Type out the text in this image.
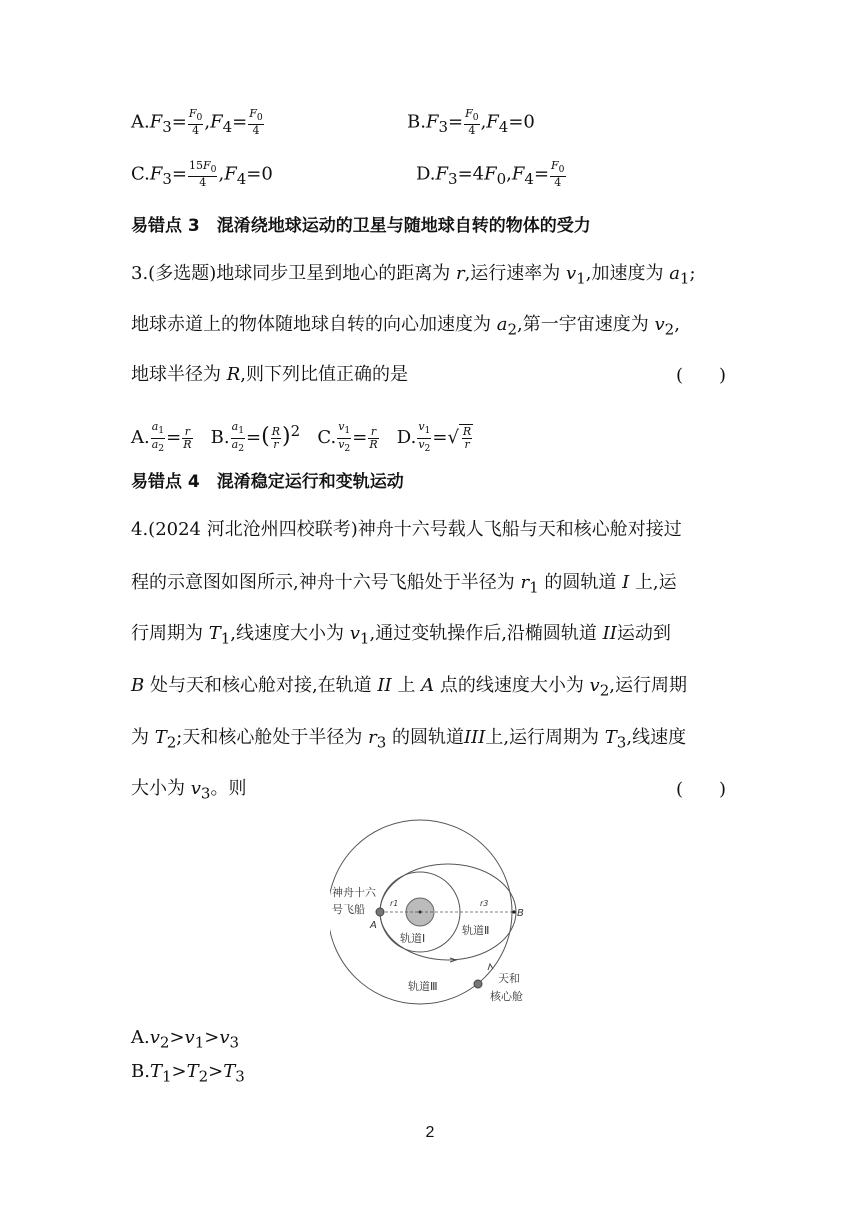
$A.F_3= \frac{F_0}{4} ,F_4= \frac{F_0}{4}$	$B.F_3= \frac{F_0}{4} ,F_4=0$
$C.F_3= \frac{15F_0}{4} ,F_4=0$	$D.F_3=4F_0,F_4= \frac{F_0}{4}$
易错点 3　混淆绕地球运动的卫星与随地球自转的物体的受力
3.(多选题)地球同步卫星到地心的距离为 r,运行速率为 $v_1$,加速度为 $a_1$;
地球赤道上的物体随地球自转的向心加速度为 $a_2$,第一宇宙速度为 $v_2$,
地球半径为 R,则下列比值正确的是	(　　)
A. $\frac{a_1}{a_2} = \frac{r}{R} B$. $\frac{a_1}{a_2}$ =( $\frac{R}{r} )^2$   C. $\frac{v_1}{v_2} = \frac{r}{R} D$. $\frac{v_1}{v_2}$ =√ $\frac{R}{r}$
易错点 4　混淆稳定运行和变轨运动
4.(2024 河北沧州四校联考)神舟十六号载人飞船与天和核心舱对接过
程的示意图如图所示,神舟十六号飞船处于半径为 $r_1$ 的圆轨道 I 上,运
行周期为 $T_1$,线速度大小为 $v_1$,通过变轨操作后,沿椭圆轨道 II运动到
B 处与天和核心舱对接,在轨道 II 上 A 点的线速度大小为 $v_2$,运行周期
为 $T_2$;天和核心舱处于半径为 $r_3$ 的圆轨道III上,运行周期为 $T_3$,线速度
大小为 $v_3$。则	(　　)
神舟十六
号飞船
A
B
r1	r3
轨道Ⅰ
轨道Ⅱ
轨道Ⅲ
天和
核心舱
$A.v_2>v_1>v_3$
$B.T_1>T_2>T_3$
2
